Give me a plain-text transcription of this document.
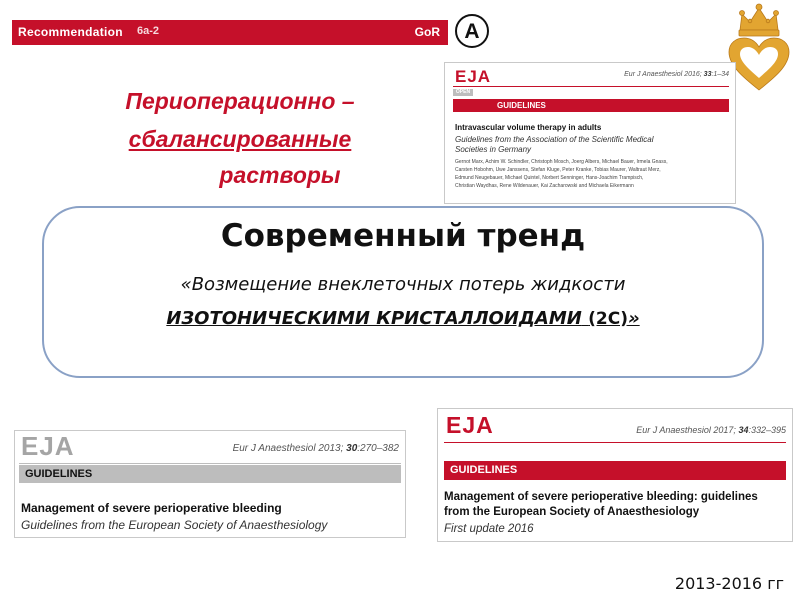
Recommendation 6a-2	GoR	A
Периоперационно –
сбалансированные
растворы
EJA	Eur J Anaesthesiol 2016; 33:1–34
OPEN
GUIDELINES
Intravascular volume therapy in adults
Guidelines from the Association of the Scientific Medical
Societies in Germany
Gernot Marx, Achim W. Schindler, Christoph Mosch, Joerg Albers, Michael Bauer, Irmela Gnass,
Carsten Hobohm, Uwe Janssens, Stefan Kluge, Peter Kranke, Tobias Maurer, Waltraut Merz,
Edmund Neugebauer, Michael Quintel, Norbert Senninger, Hans-Joachim Trampisch,
Christian Waydhas, Rene Wildenauer, Kai Zacharowski and Michaela Eikermann
Современный тренд
«Возмещение внеклеточных потерь жидкости
ИЗОТОНИЧЕСКИМИ КРИСТАЛЛОИДАМИ (2C)»
EJA	Eur J Anaesthesiol 2013; 30:270–382
GUIDELINES
Management of severe perioperative bleeding
Guidelines from the European Society of Anaesthesiology
EJA	Eur J Anaesthesiol 2017; 34:332–395
GUIDELINES
Management of severe perioperative bleeding: guidelines
from the European Society of Anaesthesiology
First update 2016
2013-2016 гг
